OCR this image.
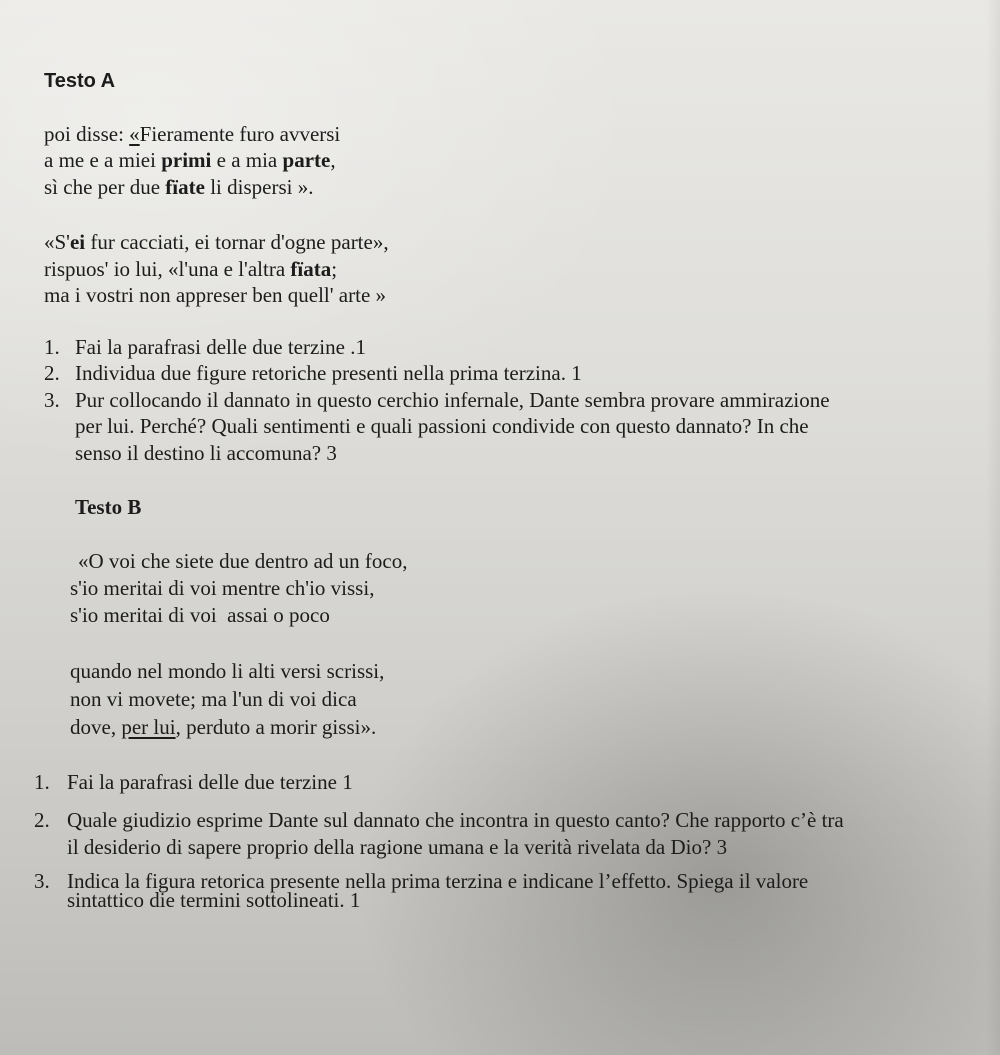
Testo A
poi disse: «Fieramente furo avversi
a me e a miei primi e a mia parte,
sì che per due fïate li dispersi ».
«S'ei fur cacciati, ei tornar d'ogne parte»,
rispuos' io lui, «l'una e l'altra fïata;
ma i vostri non appreser ben quell' arte »
1. Fai la parafrasi delle due terzine .1
2. Individua due figure retoriche presenti nella prima terzina. 1
3. Pur collocando il dannato in questo cerchio infernale, Dante sembra provare ammirazione
per lui. Perché? Quali sentimenti e quali passioni condivide con questo dannato? In che
senso il destino li accomuna? 3
Testo B
«O voi che siete due dentro ad un foco,
s'io meritai di voi mentre ch'io vissi,
s'io meritai di voi  assai o poco
quando nel mondo li alti versi scrissi,
non vi movete; ma l'un di voi dica
dove, per lui, perduto a morir gissi».
1. Fai la parafrasi delle due terzine 1
2. Quale giudizio esprime Dante sul dannato che incontra in questo canto? Che rapporto c’è tra
il desiderio di sapere proprio della ragione umana e la verità rivelata da Dio? 3
3. Indica la figura retorica presente nella prima terzina e indicane l’effetto. Spiega il valore
sintattico die termini sottolineati. 1
